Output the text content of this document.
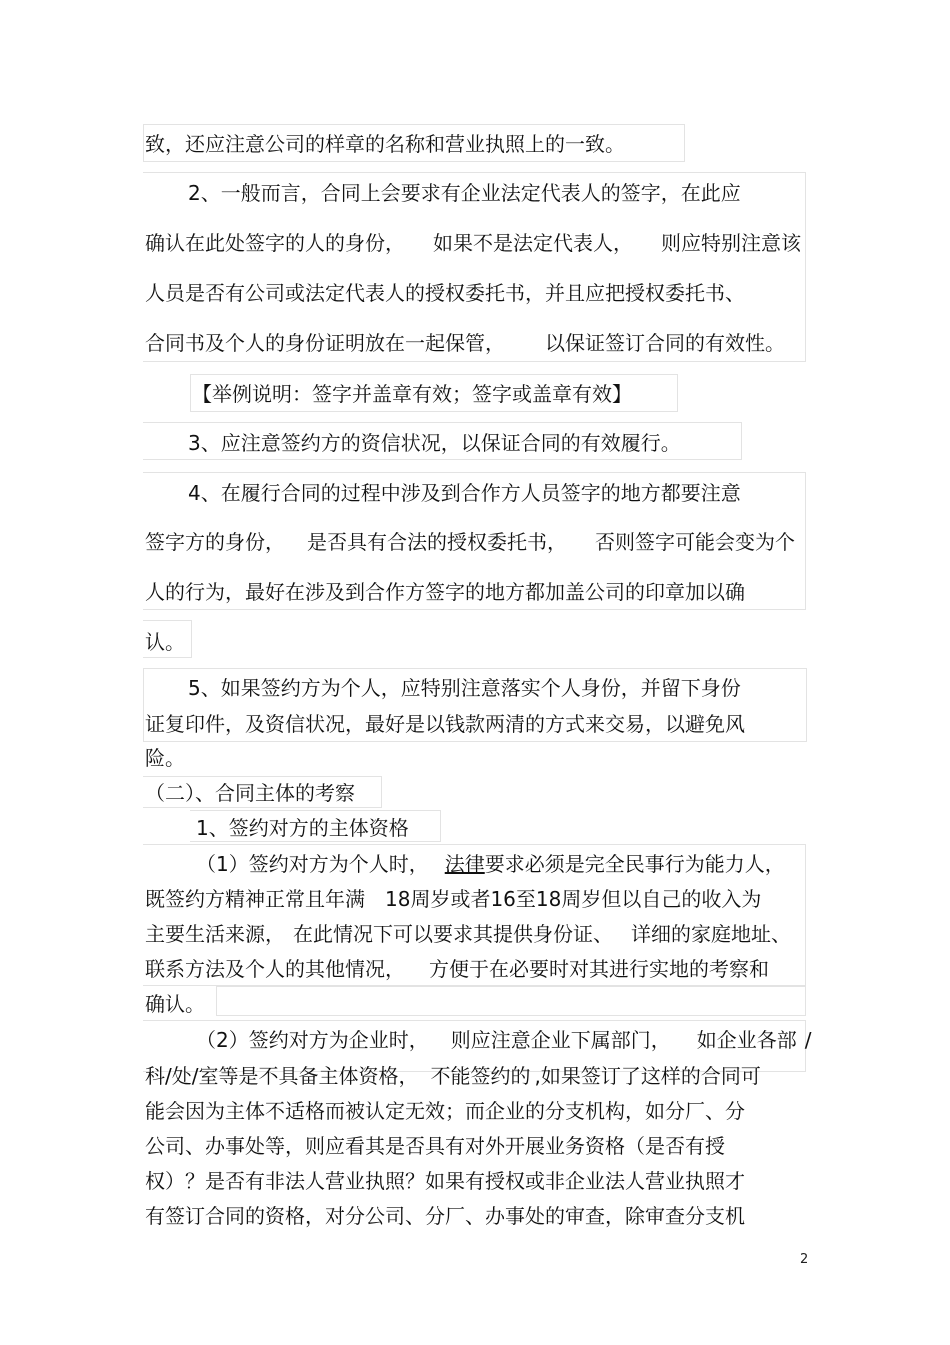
致，还应注意公司的样章的名称和营业执照上的一致。
2、一般而言，合同上会要求有企业法定代表人的签字，在此应
确认在此处签字的人的身份， 如果不是法定代表人， 则应特别注意该
人员是否有公司或法定代表人的授权委托书，并且应把授权委托书、
合同书及个人的身份证明放在一起保管， 以保证签订合同的有效性。
【举例说明：签字并盖章有效；签字或盖章有效】
3、应注意签约方的资信状况，以保证合同的有效履行。
4、在履行合同的过程中涉及到合作方人员签字的地方都要注意
签字方的身份， 是否具有合法的授权委托书， 否则签字可能会变为个
人的行为，最好在涉及到合作方签字的地方都加盖公司的印章加以确
认。
5、如果签约方为个人，应特别注意落实个人身份，并留下身份
证复印件，及资信状况，最好是以钱款两清的方式来交易，以避免风
险。
（二）、合同主体的考察
1、签约对方的主体资格
（1）签约对方为个人时， 法律要求必须是完全民事行为能力人，
既签约方精神正常且年满 18周岁或者16至18周岁但以自己的收入为
主要生活来源， 在此情况下可以要求其提供身份证、 详细的家庭地址、
联系方法及个人的其他情况， 方便于在必要时对其进行实地的考察和
确认。
（2）签约对方为企业时， 则应注意企业下属部门， 如企业各部 /
科/处/室等是不具备主体资格， 不能签约的 ,如果签订了这样的合同可
能会因为主体不适格而被认定无效；而企业的分支机构，如分厂、分
公司、办事处等，则应看其是否具有对外开展业务资格（是否有授
权）？是否有非法人营业执照？如果有授权或非企业法人营业执照才
有签订合同的资格，对分公司、分厂、办事处的审查，除审查分支机
2
